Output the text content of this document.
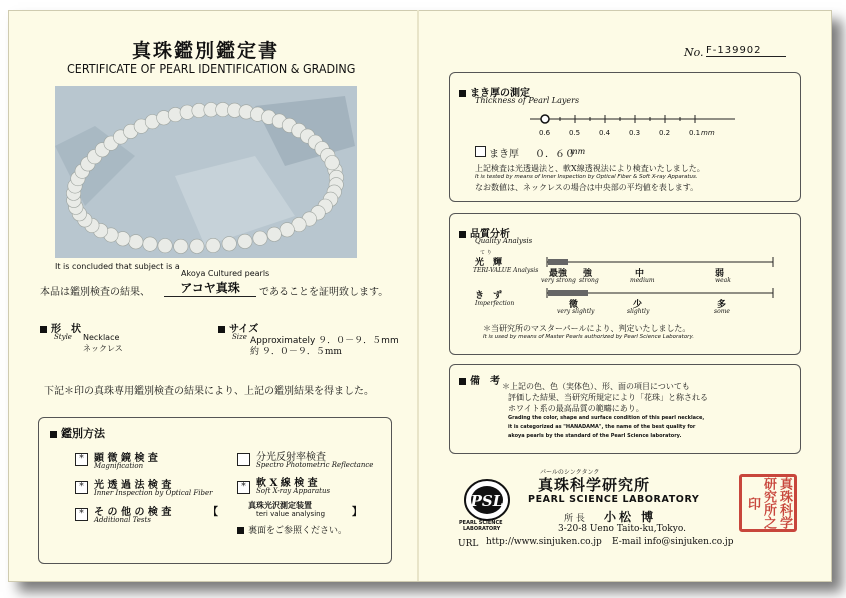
真珠鑑別鑑定書
CERTIFICATE OF PEARL IDENTIFICATION & GRADING
It is concluded that subject is a
Akoya Cultured pearls
本品は鑑別検査の結果、	アコヤ真珠	であることを証明致します。
形　状
Style Necklace
ネックレス
サイズ
Size Approximately ９．０－９．５mm
約 ９．０－９．５mm
下記＊印の真珠専用鑑別検査の結果により、上記の鑑別結果を得ました。
鑑別方法
*	顕 微 鏡 検 査
Magnification
*	光 透 過 法 検 査
Inner Inspection by Optical Fiber
*	そ の 他 の 検 査
Additional Tests
分光反射率検査
Spectro Photometric Reflectance
*	軟 X 線 検 査
Soft X-ray Apparatus
【
真珠光沢測定装置
teri value analysing	】
裏面をご参照ください。
No. F-139902
まき厚の測定
Thickness of Pearl Layers
0.6	0.5	0.4	0.3	0.2	0.1 mm
まき厚 ０．６０
mm
上記検査は光透過法と、軟X線透視法により検査いたしました。
It is tested by means of Inner Inspection by Optical Fiber & Soft X-ray Apparatus.
なお数値は、ネックレスの場合は中央部の平均値を表します。
品質分析
Quality Analysis
て り
光　輝
TERI-VALUE Analysis 最強
very strong
強
strong
中
medium
弱
weak
き　ず
Imperfection	微
very slightly
少
slightly
多
some
＊当研究所のマスターパールにより、判定いたしました。
It is used by means of Master Pearls authorized by Pearl Science Laboratory.
備　考 ＊上記の色、色（実体色）、形、面の項目についても
評価した結果、当研究所規定により「花珠」と称される
ホワイト系の最高品質の範疇にあり。
Grading the color, shape and surface condition of this pearl necklace,
it is categorized as "HANADAMA", the name of the best quality for
akoya pearls by the standard of the Pearl Science laboratory.
PSL
PEARL SCIENCE
LABORATORY
パールのシンクタンク
真珠科学研究所
PEARL SCIENCE LABORATORY
所 長 小松 博
3-20-8 Ueno Taito-ku,Tokyo.
URL http://www.sinjuken.co.jp E-mail info@sinjuken.co.jp
真珠科学研究所之印
